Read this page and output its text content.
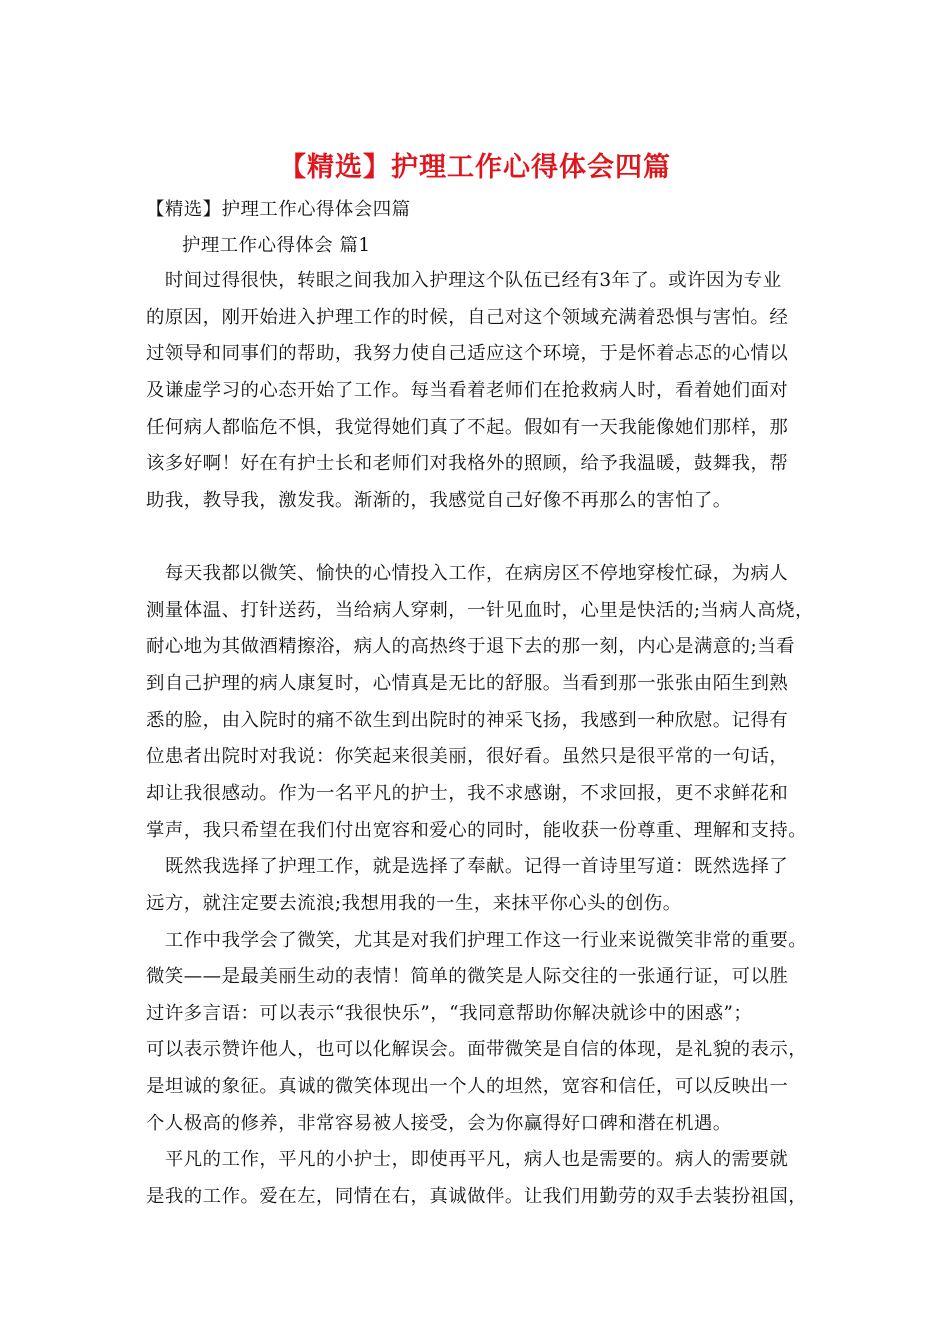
【精选】护理工作心得体会四篇
【精选】护理工作心得体会四篇
护理工作心得体会 篇1
　时间过得很快，转眼之间我加入护理这个队伍已经有3年了。或许因为专业
的原因，刚开始进入护理工作的时候，自己对这个领域充满着恐惧与害怕。经
过领导和同事们的帮助，我努力使自己适应这个环境，于是怀着忐忑的心情以
及谦虚学习的心态开始了工作。每当看着老师们在抢救病人时，看着她们面对
任何病人都临危不惧，我觉得她们真了不起。假如有一天我能像她们那样，那
该多好啊！好在有护士长和老师们对我格外的照顾，给予我温暖，鼓舞我，帮
助我，教导我，激发我。渐渐的，我感觉自己好像不再那么的害怕了。
　每天我都以微笑、愉快的心情投入工作，在病房区不停地穿梭忙碌，为病人
测量体温、打针送药，当给病人穿刺，一针见血时，心里是快活的;当病人高烧，
耐心地为其做酒精擦浴，病人的高热终于退下去的那一刻，内心是满意的;当看
到自己护理的病人康复时，心情真是无比的舒服。当看到那一张张由陌生到熟
悉的脸，由入院时的痛不欲生到出院时的神采飞扬，我感到一种欣慰。记得有
位患者出院时对我说：你笑起来很美丽，很好看。虽然只是很平常的一句话，
却让我很感动。作为一名平凡的护士，我不求感谢，不求回报，更不求鲜花和
掌声，我只希望在我们付出宽容和爱心的同时，能收获一份尊重、理解和支持。
　既然我选择了护理工作，就是选择了奉献。记得一首诗里写道：既然选择了
远方，就注定要去流浪;我想用我的一生，来抹平你心头的创伤。
　工作中我学会了微笑，尤其是对我们护理工作这一行业来说微笑非常的重要。
微笑——是最美丽生动的表情！简单的微笑是人际交往的一张通行证，可以胜
过许多言语：可以表示“我很快乐”，“我同意帮助你解决就诊中的困惑”；
可以表示赞许他人，也可以化解误会。面带微笑是自信的体现，是礼貌的表示，
是坦诚的象征。真诚的微笑体现出一个人的坦然，宽容和信任，可以反映出一
个人极高的修养，非常容易被人接受，会为你赢得好口碑和潜在机遇。
　平凡的工作，平凡的小护士，即使再平凡，病人也是需要的。病人的需要就
是我的工作。爱在左，同情在右，真诚做伴。让我们用勤劳的双手去装扮祖国，
